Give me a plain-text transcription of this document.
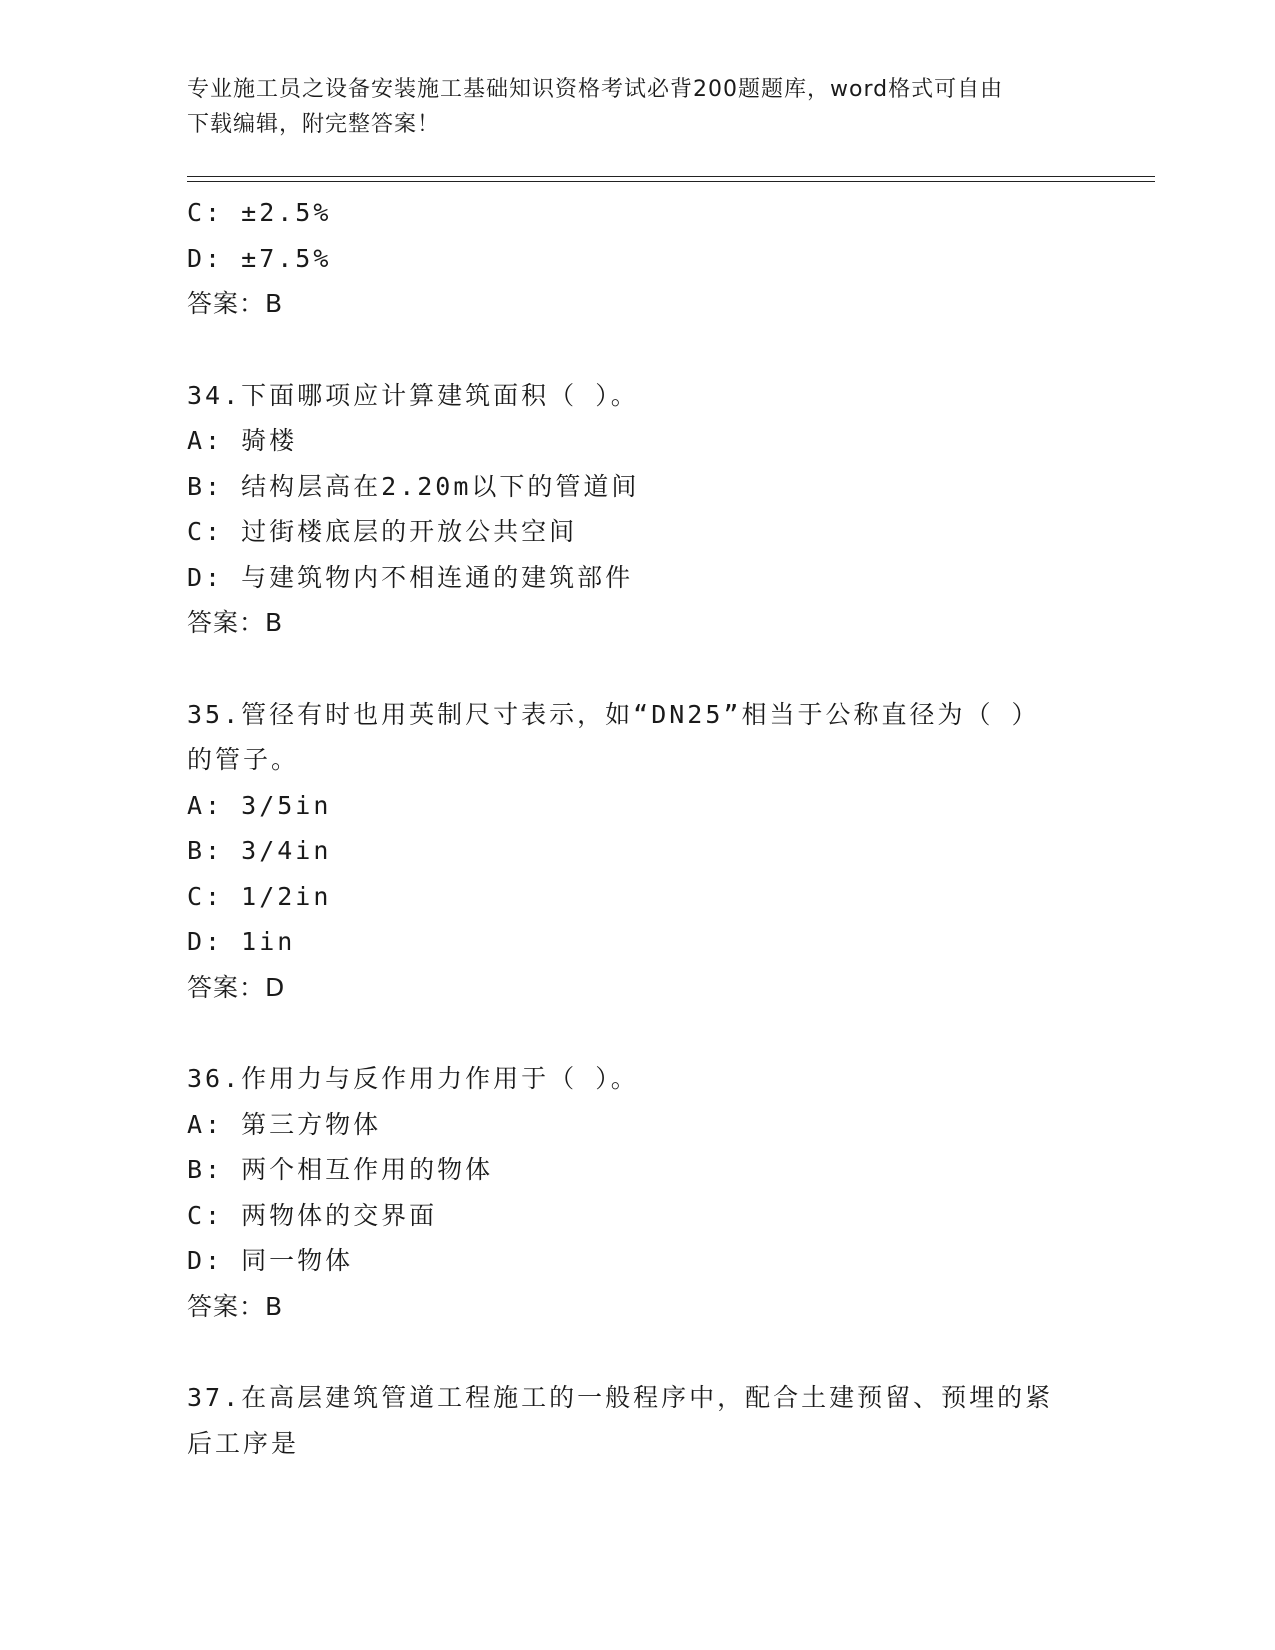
专业施工员之设备安装施工基础知识资格考试必背200题题库，word格式可自由
下载编辑，附完整答案！
C: ±2.5%
D: ±7.5%
答案：B
34.下面哪项应计算建筑面积（ ）。
A: 骑楼
B: 结构层高在2.20m以下的管道间
C: 过街楼底层的开放公共空间
D: 与建筑物内不相连通的建筑部件
答案：B
35.管径有时也用英制尺寸表示，如“DN25”相当于公称直径为（ ）
的管子。
A: 3/5in
B: 3/4in
C: 1/2in
D: 1in
答案：D
36.作用力与反作用力作用于（ ）。
A: 第三方物体
B: 两个相互作用的物体
C: 两物体的交界面
D: 同一物体
答案：B
37.在高层建筑管道工程施工的一般程序中，配合土建预留、预埋的紧
后工序是
